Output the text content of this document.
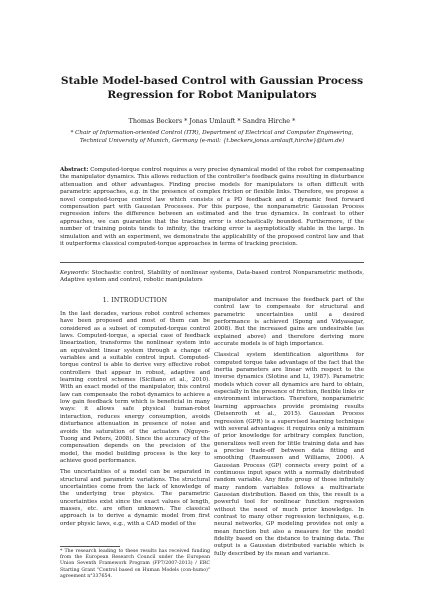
Stable Model-based Control with Gaussian Process Regression for Robot Manipulators
Thomas Beckers * Jonas Umlauft * Sandra Hirche *
* Chair of Information-oriented Control (ITR), Department of Electrical and Computer Engineering, Technical University of Munich, Germany (e-mail: {t.beckers,jonas.umlauft,hirche}@tum.de)
Abstract: Computed-torque control requires a very precise dynamical model of the robot for compensating the manipulator dynamics. This allows reduction of the controller's feedback gains resulting in disturbance attenuation and other advantages. Finding precise models for manipulators is often difficult with parametric approaches, e.g. in the presence of complex friction or flexible links. Therefore, we propose a novel computed-torque control law which consists of a PD feedback and a dynamic feed forward compensation part with Gaussian Processes. For this purpose, the nonparametric Gaussian Process regression infers the difference between an estimated and the true dynamics. In contrast to other approaches, we can guarantee that the tracking error is stochastically bounded. Furthermore, if the number of training points tends to infinity, the tracking error is asymptotically stable in the large. In simulation and with an experiment, we demonstrate the applicability of the proposed control law and that it outperforms classical computed-torque approaches in terms of tracking precision.
Keywords: Stochastic control, Stability of nonlinear systems, Data-based control Nonparametric methods, Adaptive system and control, robotic manipulators
1. INTRODUCTION

In the last decades, various robot control schemes have been proposed and most of them can be considered as a subset of computed-torque control laws. Computed-torque, a special case of feedback linearization, transforms the nonlinear system into an equivalent linear system through a change of variables and a suitable control input. Computed-torque control is able to derive very effective robot controllers that appear in robust, adaptive and learning control schemes (Siciliano et al., 2010). With an exact model of the manipulator, this control law can compensate the robot dynamics to achieve a low gain feedback term which is beneficial in many ways: it allows safe physical human-robot interaction, reduces energy consumption, avoids disturbance attenuation in presence of noise and avoids the saturation of the actuators (Nguyen-Tuong and Peters, 2008). Since the accuracy of the compensation depends on the precision of the model, the model building process is the key to achieve good performance.

The uncertainties of a model can be separated in structural and parametric variations. The structural uncertainties come from the lack of knowledge of the underlying true physics. The parametric uncertainties exist since the exact values of length, masses, etc. are often unknown. The classical approach is to derive a dynamic model from first order physic laws, e.g., with a CAD model of the

manipulator and increase the feedback part of the control law to compensate for structural and parametric uncertainties until a desired performance is achieved (Spong and Vidyasagar, 2008). But the increased gains are undesirable (as explained above) and therefore deriving more accurate models is of high importance.

Classical system identification algorithms for computed torque take advantage of the fact that the inertia parameters are linear with respect to the inverse dynamics (Slotine and Li, 1987). Parametric models which cover all dynamics are hard to obtain, especially in the presence of friction, flexible links or environment interaction. Therefore, nonparametric learning approaches provide promising results (Deisenroth et al., 2015). Gaussian Process regression (GPR) is a supervised learning technique with several advantages: it requires only a minimum of prior knowledge for arbitrary complex function, generalizes well even for little training data and has a precise trade-off between data fitting and smoothing (Rasmussen and Williams, 2006). A Gaussian Process (GP) connects every point of a continuous input space with a normally distributed random variable. Any finite group of those infinitely many random variables follows a multivariate Gaussian distribution. Based on this, the result is a powerful tool for nonlinear function regression without the need of much prior knowledge. In contrast to many other regression techniques, e.g. neural networks, GP modeling provides not only a mean function but also a measure for the model fidelity based on the distance to training data. The output is a Gaussian distributed variable which is fully described by its mean and variance.

* The research leading to these results has received funding from the European Research Council under the European Union Seventh Framework Program (FP7/2007-2013) / ERC Starting Grant "Control based on Human Models (con-humo)" agreement n°337654.
